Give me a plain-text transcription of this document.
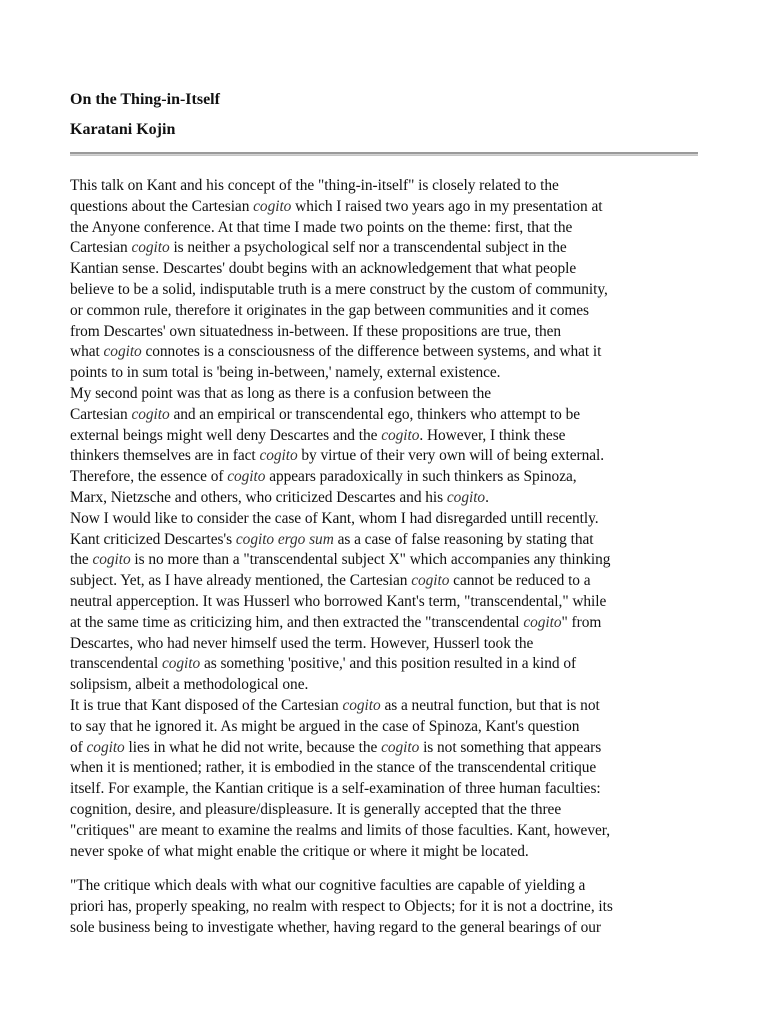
On the Thing-in-Itself
Karatani Kojin

This talk on Kant and his concept of the "thing-in-itself" is closely related to the
questions about the Cartesian cogito which I raised two years ago in my presentation at
the Anyone conference. At that time I made two points on the theme: first, that the
Cartesian cogito is neither a psychological self nor a transcendental subject in the
Kantian sense. Descartes' doubt begins with an acknowledgement that what people
believe to be a solid, indisputable truth is a mere construct by the custom of community,
or common rule, therefore it originates in the gap between communities and it comes
from Descartes' own situatedness in-between. If these propositions are true, then
what cogito connotes is a consciousness of the difference between systems, and what it
points to in sum total is 'being in-between,' namely, external existence.

My second point was that as long as there is a confusion between the
Cartesian cogito and an empirical or transcendental ego, thinkers who attempt to be
external beings might well deny Descartes and the cogito. However, I think these
thinkers themselves are in fact cogito by virtue of their very own will of being external.
Therefore, the essence of cogito appears paradoxically in such thinkers as Spinoza,
Marx, Nietzsche and others, who criticized Descartes and his cogito.

Now I would like to consider the case of Kant, whom I had disregarded untill recently.
Kant criticized Descartes's cogito ergo sum as a case of false reasoning by stating that
the cogito is no more than a "transcendental subject X" which accompanies any thinking
subject. Yet, as I have already mentioned, the Cartesian cogito cannot be reduced to a
neutral apperception. It was Husserl who borrowed Kant's term, "transcendental," while
at the same time as criticizing him, and then extracted the "transcendental cogito" from
Descartes, who had never himself used the term. However, Husserl took the
transcendental cogito as something 'positive,' and this position resulted in a kind of
solipsism, albeit a methodological one.

It is true that Kant disposed of the Cartesian cogito as a neutral function, but that is not
to say that he ignored it. As might be argued in the case of Spinoza, Kant's question
of cogito lies in what he did not write, because the cogito is not something that appears
when it is mentioned; rather, it is embodied in the stance of the transcendental critique
itself. For example, the Kantian critique is a self-examination of three human faculties:
cognition, desire, and pleasure/displeasure. It is generally accepted that the three
"critiques" are meant to examine the realms and limits of those faculties. Kant, however,
never spoke of what might enable the critique or where it might be located.

"The critique which deals with what our cognitive faculties are capable of yielding a
priori has, properly speaking, no realm with respect to Objects; for it is not a doctrine, its
sole business being to investigate whether, having regard to the general bearings of our
